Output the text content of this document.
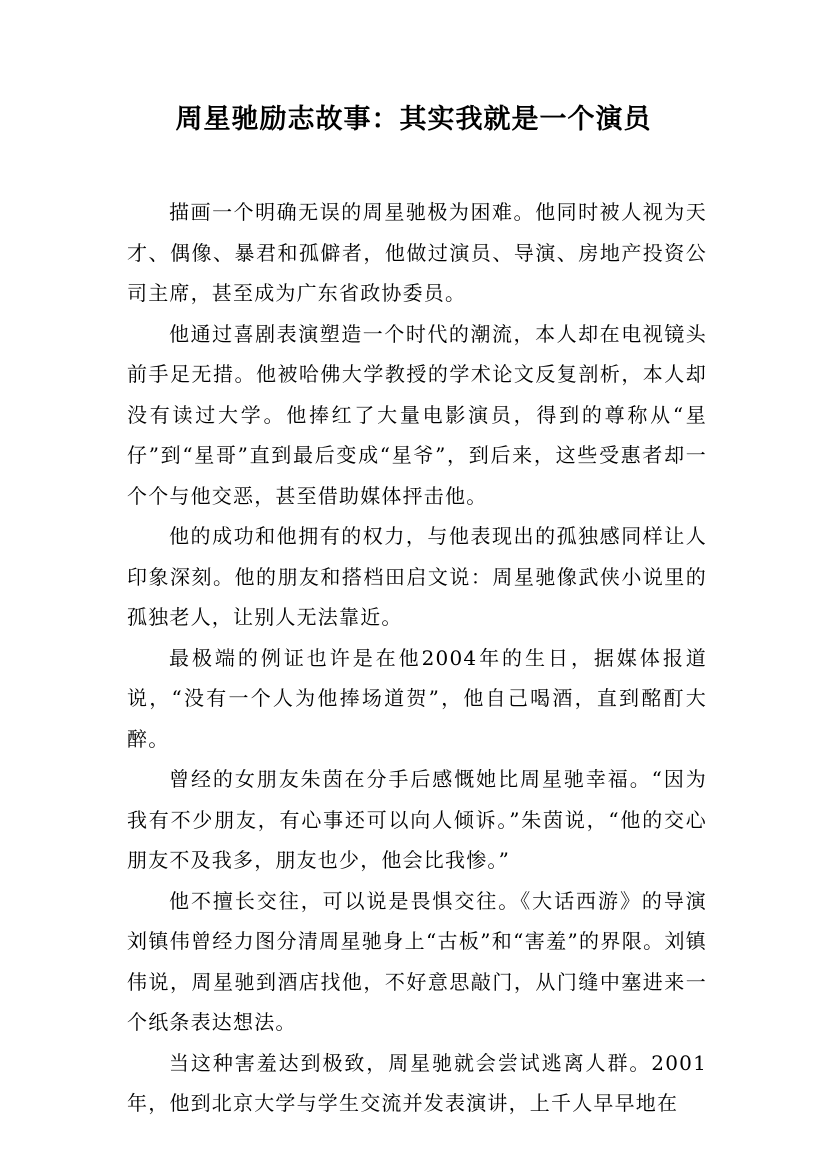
周星驰励志故事：其实我就是一个演员

描画一个明确无误的周星驰极为困难。他同时被人视为天才、偶像、暴君和孤僻者，他做过演员、导演、房地产投资公司主席，甚至成为广东省政协委员。

他通过喜剧表演塑造一个时代的潮流，本人却在电视镜头前手足无措。他被哈佛大学教授的学术论文反复剖析，本人却没有读过大学。他捧红了大量电影演员，得到的尊称从“星仔”到“星哥”直到最后变成“星爷”，到后来，这些受惠者却一个个与他交恶，甚至借助媒体抨击他。

他的成功和他拥有的权力，与他表现出的孤独感同样让人印象深刻。他的朋友和搭档田启文说：周星驰像武侠小说里的孤独老人，让别人无法靠近。

最极端的例证也许是在他2004年的生日，据媒体报道说，“没有一个人为他捧场道贺”，他自己喝酒，直到酩酊大醉。

曾经的女朋友朱茵在分手后感慨她比周星驰幸福。“因为我有不少朋友，有心事还可以向人倾诉。”朱茵说，“他的交心朋友不及我多，朋友也少，他会比我惨。”

他不擅长交往，可以说是畏惧交往。《大话西游》的导演刘镇伟曾经力图分清周星驰身上“古板”和“害羞”的界限。刘镇伟说，周星驰到酒店找他，不好意思敲门，从门缝中塞进来一个纸条表达想法。

当这种害羞达到极致，周星驰就会尝试逃离人群。2001年，他到北京大学与学生交流并发表演讲，上千人早早地在
